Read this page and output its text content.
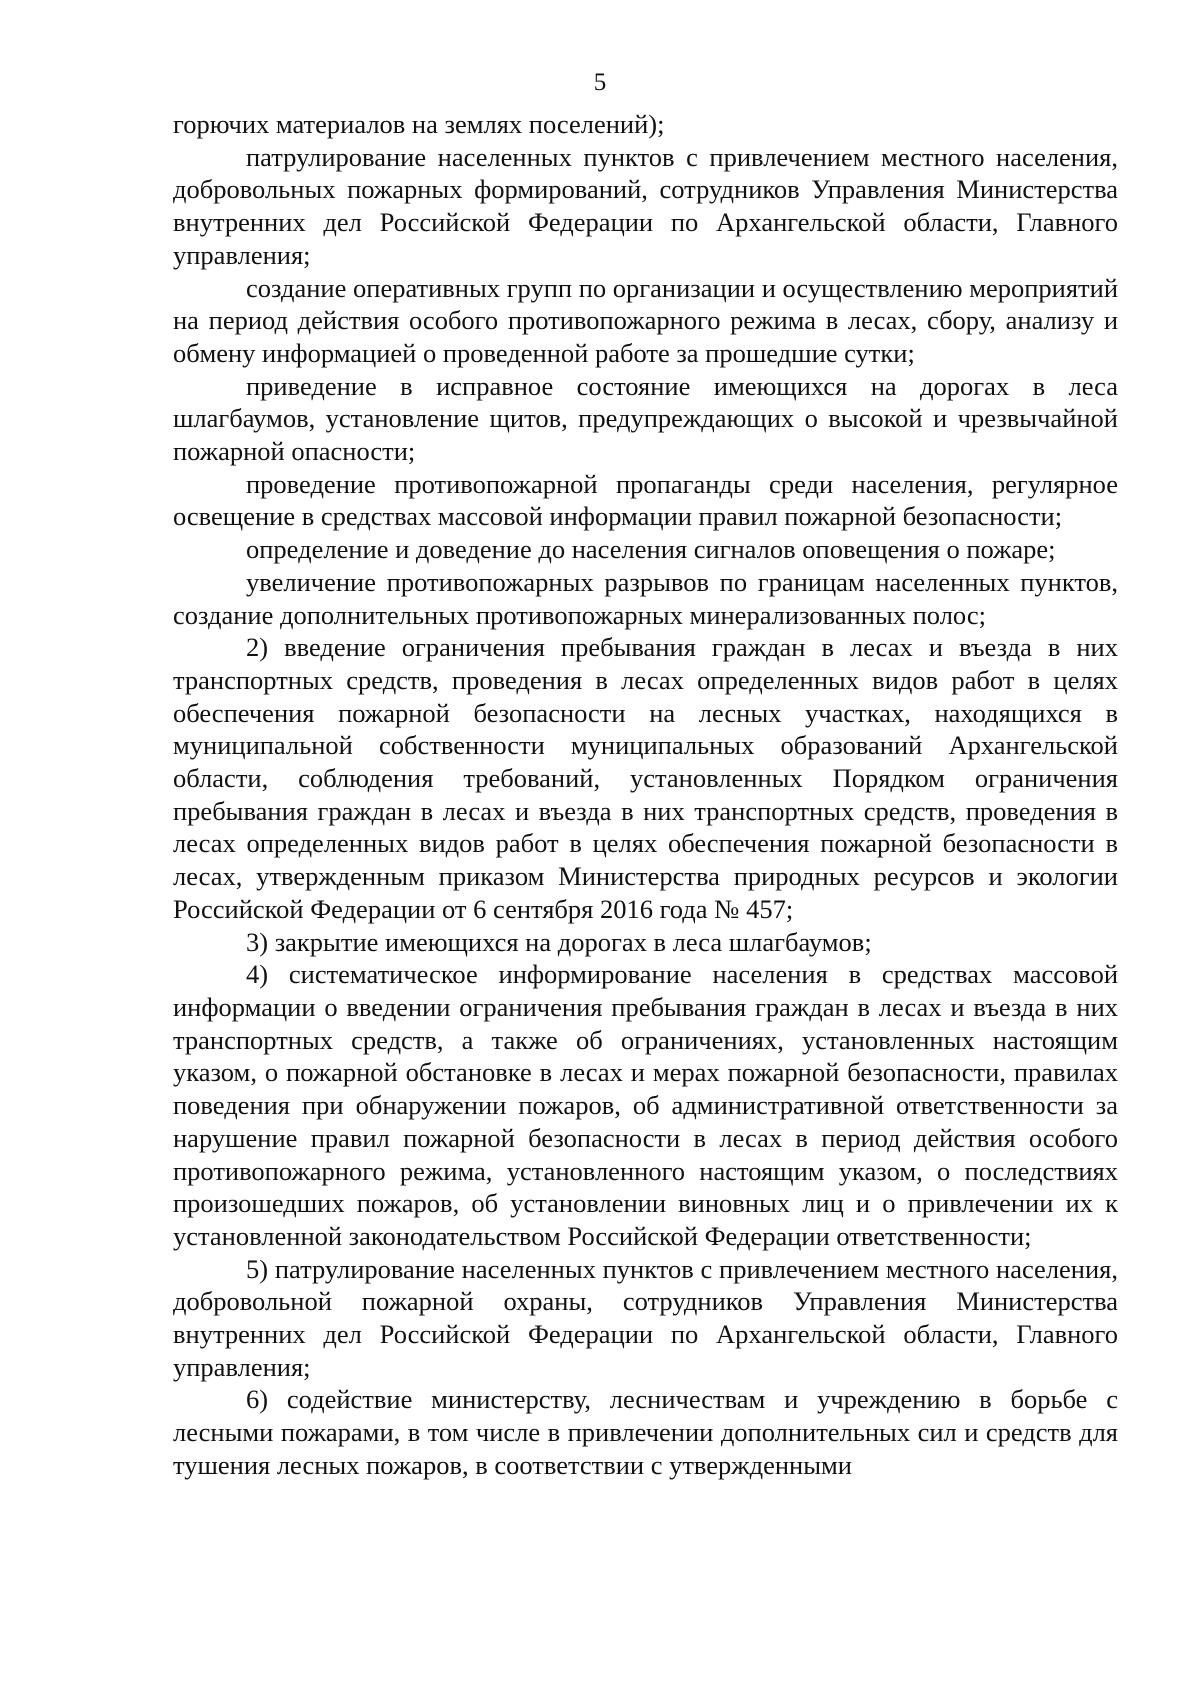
5

горючих материалов на землях поселений);

патрулирование населенных пунктов с привлечением местного населения, добровольных пожарных формирований, сотрудников Управления Министерства внутренних дел Российской Федерации по Архангельской области, Главного управления;

создание оперативных групп по организации и осуществлению мероприятий на период действия особого противопожарного режима в лесах, сбору, анализу и обмену информацией о проведенной работе за прошедшие сутки;

приведение в исправное состояние имеющихся на дорогах в леса шлагбаумов, установление щитов, предупреждающих о высокой и чрезвычайной пожарной опасности;

проведение противопожарной пропаганды среди населения, регулярное освещение в средствах массовой информации правил пожарной безопасности;

определение и доведение до населения сигналов оповещения о пожаре;

увеличение противопожарных разрывов по границам населенных пунктов, создание дополнительных противопожарных минерализованных полос;

2) введение ограничения пребывания граждан в лесах и въезда в них транспортных средств, проведения в лесах определенных видов работ в целях обеспечения пожарной безопасности на лесных участках, находящихся в муниципальной собственности муниципальных образований Архангельской области, соблюдения требований, установленных Порядком ограничения пребывания граждан в лесах и въезда в них транспортных средств, проведения в лесах определенных видов работ в целях обеспечения пожарной безопасности в лесах, утвержденным приказом Министерства природных ресурсов и экологии Российской Федерации от 6 сентября 2016 года № 457;

3) закрытие имеющихся на дорогах в леса шлагбаумов;

4) систематическое информирование населения в средствах массовой информации о введении ограничения пребывания граждан в лесах и въезда в них транспортных средств, а также об ограничениях, установленных настоящим указом, о пожарной обстановке в лесах и мерах пожарной безопасности, правилах поведения при обнаружении пожаров, об административной ответственности за нарушение правил пожарной безопасности в лесах в период действия особого противопожарного режима, установленного настоящим указом, о последствиях произошедших пожаров, об установлении виновных лиц и о привлечении их к установленной законодательством Российской Федерации ответственности;

5) патрулирование населенных пунктов с привлечением местного населения, добровольной пожарной охраны, сотрудников Управления Министерства внутренних дел Российской Федерации по Архангельской области, Главного управления;

6) содействие министерству, лесничествам и учреждению в борьбе с лесными пожарами, в том числе в привлечении дополнительных сил и средств для тушения лесных пожаров, в соответствии с утвержденными
